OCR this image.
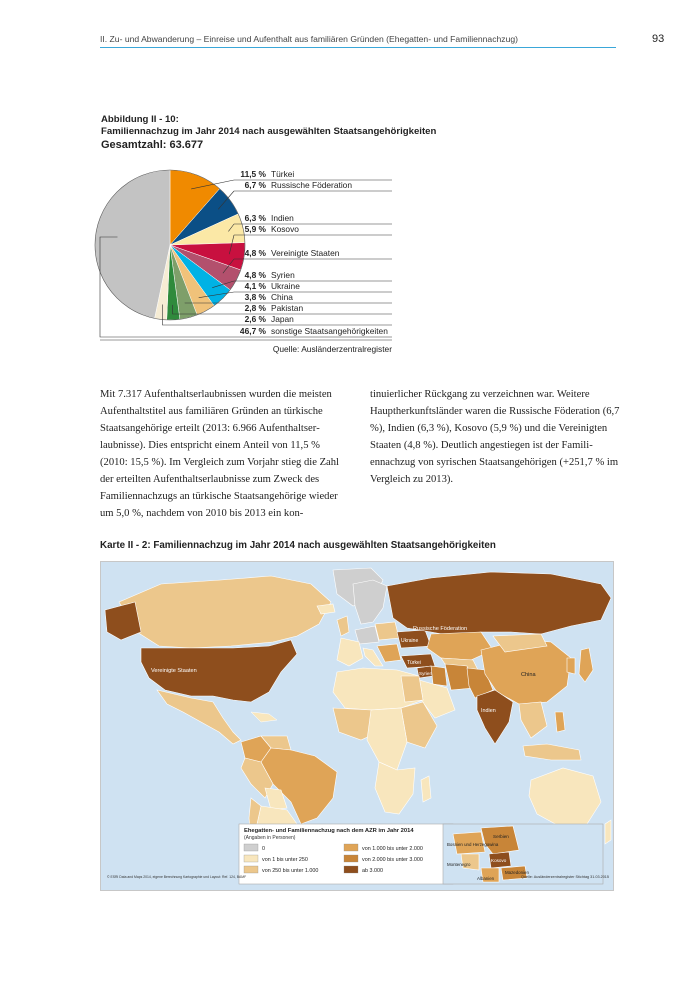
II. Zu- und Abwanderung – Einreise und Aufenthalt aus familiären Gründen (Ehegatten- und Familiennachzug)	93
Abbildung II - 10:
Familiennachzug im Jahr 2014 nach ausgewählten Staatsangehörigkeiten
Gesamtzahl: 63.677
11,5 % Türkei
6,7 % Russische Föderation
6,3 % Indien
5,9 % Kosovo
4,8 % Vereinigte Staaten
4,8 % Syrien
4,1 % Ukraine
3,8 % China
2,8 % Pakistan
2,6 % Japan
46,7 % sonstige Staatsangehörigkeiten
Quelle: Ausländerzentralregister

Mit 7.317 Aufenthaltserlaubnissen wurden die meisten Aufenthaltstitel aus familiären Gründen an türkische Staatsangehörige erteilt (2013: 6.966 Aufenthaltserlaubnisse). Dies entspricht einem Anteil von 11,5 % (2010: 15,5 %). Im Vergleich zum Vorjahr stieg die Zahl der erteilten Aufenthaltserlaubnisse zum Zweck des Familiennachzugs an türkische Staatsangehörige wieder um 5,0 %, nachdem von 2010 bis 2013 ein kon-

tinuierlicher Rückgang zu verzeichnen war. Weitere Hauptherkunftsländer waren die Russische Föderation (6,7 %), Indien (6,3 %), Kosovo (5,9 %) und die Vereinigten Staaten (4,8 %). Deutlich angestiegen ist der Familiennachzug von syrischen Staatsangehörigen (+251,7 % im Vergleich zu 2013).

Karte II - 2: Familiennachzug im Jahr 2014 nach ausgewählten Staatsangehörigkeiten
Vereinigte Staaten
Russische Föderation
Ukraine
Türkei
Syrien	China
Indien
Ehegatten- und Familiennachzug nach dem AZR im Jahr 2014
(Angaben in Personen)
0
von 1 bis unter 250
von 250 bis unter 1.000
von 1.000 bis unter 2.000
von 2.000 bis unter 3.000
ab 3.000
Bosnien und Herzegowina
Serbien
Kosovo
Montenegro
Mazedonien
Albanien
© ESRI Data and Maps 2014, eigene Berechnung Kartographie und Layout: Ref. 124, BAMF	Quelle: Ausländerzentralregister Stichtag 31.03.2015
